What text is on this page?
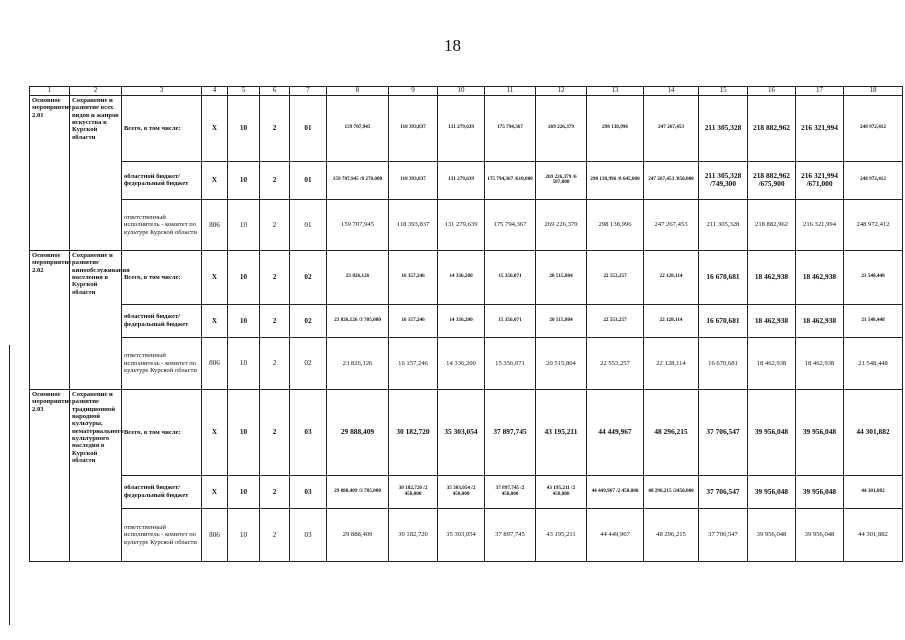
18
1	2	3	4	5	6	7	8	9	10	11	12	13	14	15	16	17	18
Основное мероприятие 2.01	Сохранение и развитие всех видов и жанров искусства в Курской области	Всего, в том числе:	Х	10	2	01	159 707,945	118 393,837	131 279,639	175 794,367	269 226,379	298 138,996	247 267,453	211 305,328	218 882,962	216 321,994	248 972,412
		областной бюджет/ федеральный бюджет	Х	10	2	01	159 707,945 /8 270,000	118 393,837	131 279,639	175 794,367 /610,000	269 226,379 /6 587,000	298 138,996 /8 645,000	247 267,453 /850,000	211 305,328 /749,300	218 882,962 /675,900	216 321,994 /671,000	248 972,412
		ответственный исполнитель - комитет по культуре Курской области	806	10	2	01	159 707,945	118 393,837	131 279,639	175 794,367	269 226,379	298 138,996	247 267,453	211 305,328	218 882,962	216 321,994	248 972,412
Основное мероприятие 2.02	Сохранение и развитие кинообслуживания населения в Курской области	Всего, в том числе:	Х	10	2	02	23 826,126	16 157,246	14 336,200	15 356,071	20 515,804	22 553,257	22 128,114	16 670,681	18 462,938	18 462,938	21 548,448
		областной бюджет/ федеральный бюджет	Х	10	2	02	23 826,126 /3 705,000	16 157,246	14 336,200	15 356,071	20 515,804	22 553,257	22 128,114	16 670,681	18 462,938	18 462,938	21 548,448
		ответственный исполнитель - комитет по культуре Курской области	806	10	2	02	23 826,126	16 157,246	14 336,200	15 356,071	20 515,804	22 553,257	22 128,114	16 670,681	18 462,938	18 462,938	21 548,448
Основное мероприятие 2.03	Сохранение и развитие традиционной народной культуры, нематериального культурного наследия в Курской области	Всего, в том числе:	Х	10	2	03	29 888,409	30 182,720	35 303,054	37 897,745	43 195,211	44 449,967	48 296,215	37 706,547	39 956,048	39 956,048	44 301,882
		областной бюджет/ федеральный бюджет	Х	10	2	03	29 888,409 /3 785,000	30 182,720 /2 450,000	35 303,054 /2 450,000	37 897,745 /2 450,000	43 195,211 /2 450,000	44 449,967 /2 450,000	48 296,215 /2450,000	37 706,547	39 956,048	39 956,048	44 301,882
		ответственный исполнитель - комитет по культуре Курской области	806	10	2	03	29 888,409	30 182,720	35 303,054	37 897,745	43 195,211	44 449,967	48 296,215	37 706,547	39 956,048	39 956,048	44 301,882
